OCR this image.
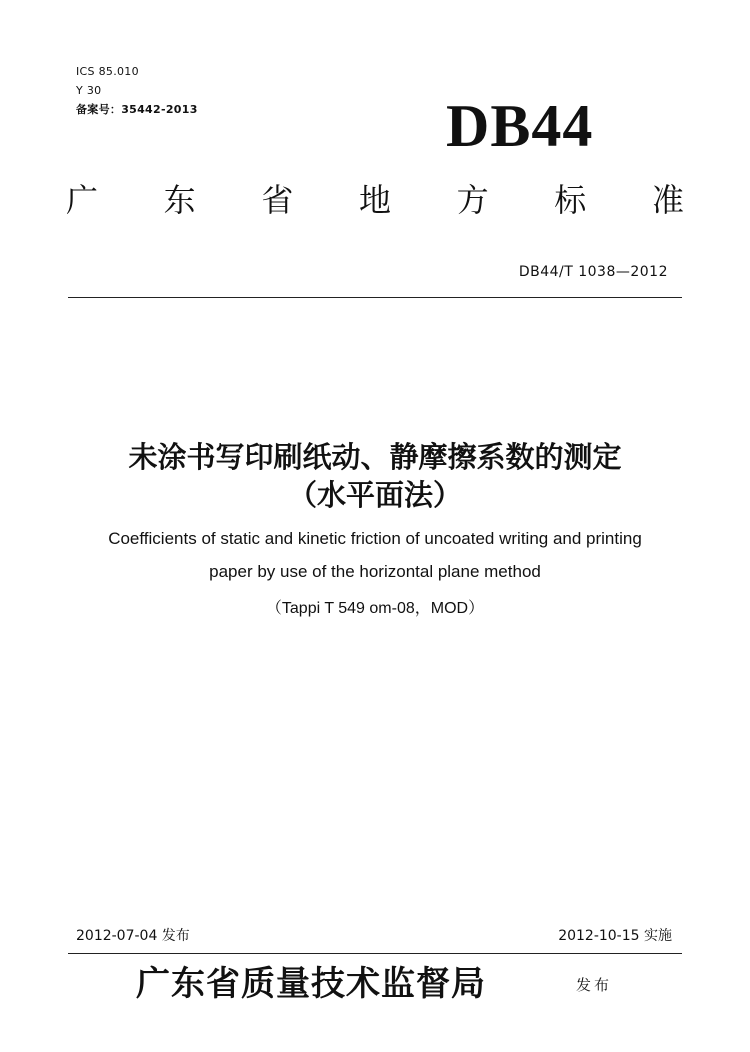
ICS 85.010
Y 30
备案号：35442-2013	DB44
广 东 省 地 方 标 准
DB44/T 1038—2012
未涂书写印刷纸动、静摩擦系数的测定
（水平面法）
Coefficients of static and kinetic friction of uncoated writing and printing
paper by use of the horizontal plane method
（Tappi T 549 om-08，MOD）
2012-07-04 发布	2012-10-15 实施
广东省质量技术监督局	发布
